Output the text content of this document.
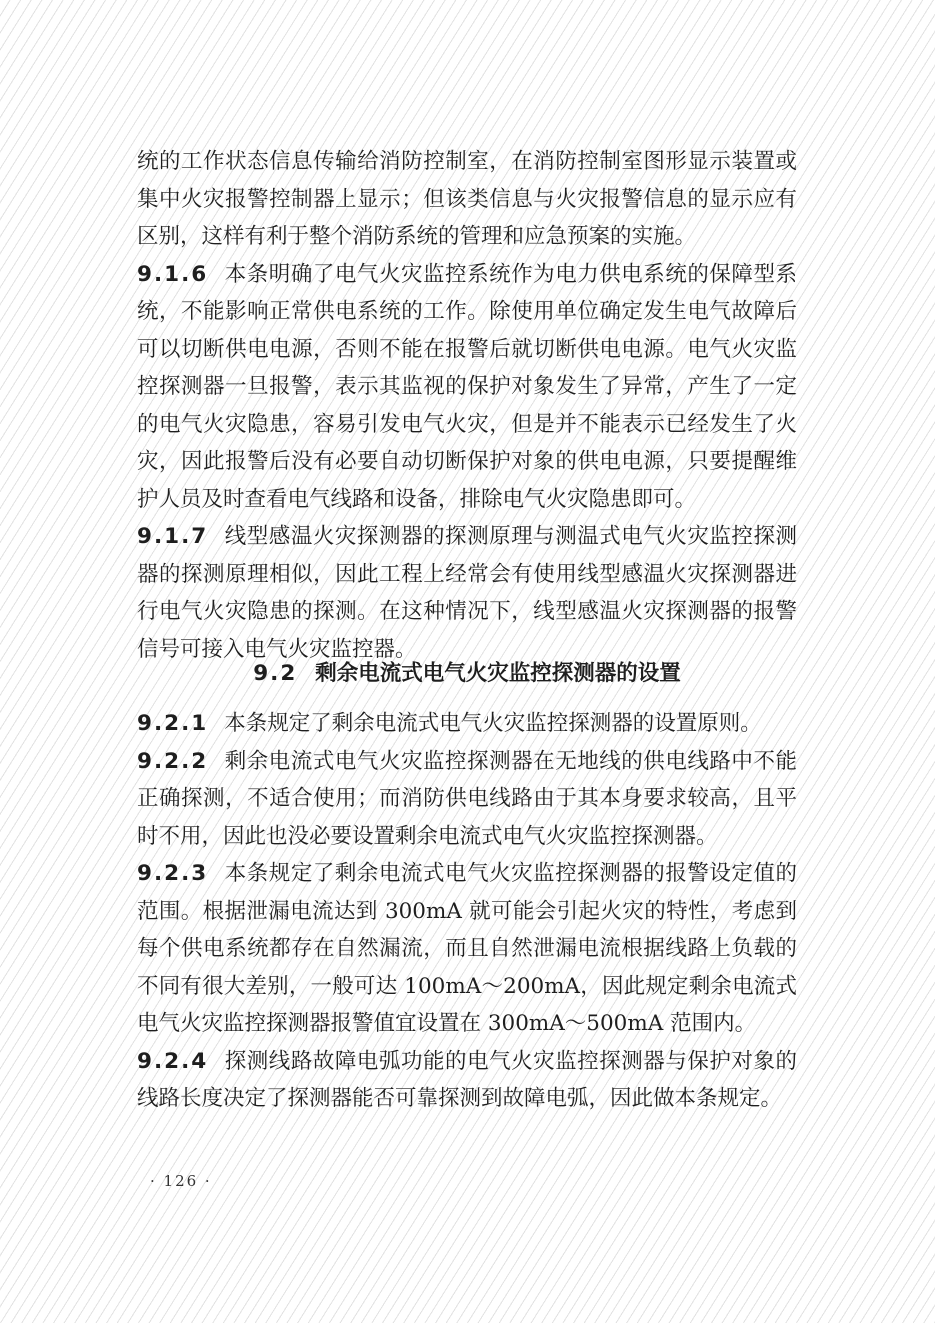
统的工作状态信息传输给消防控制室，在消防控制室图形显示装置或集中火灾报警控制器上显示；但该类信息与火灾报警信息的显示应有区别，这样有利于整个消防系统的管理和应急预案的实施。

9.1.6 本条明确了电气火灾监控系统作为电力供电系统的保障型系统，不能影响正常供电系统的工作。除使用单位确定发生电气故障后可以切断供电电源，否则不能在报警后就切断供电电源。电气火灾监控探测器一旦报警，表示其监视的保护对象发生了异常，产生了一定的电气火灾隐患，容易引发电气火灾，但是并不能表示已经发生了火灾，因此报警后没有必要自动切断保护对象的供电电源，只要提醒维护人员及时查看电气线路和设备，排除电气火灾隐患即可。

9.1.7 线型感温火灾探测器的探测原理与测温式电气火灾监控探测器的探测原理相似，因此工程上经常会有使用线型感温火灾探测器进行电气火灾隐患的探测。在这种情况下，线型感温火灾探测器的报警信号可接入电气火灾监控器。

9.2 剩余电流式电气火灾监控探测器的设置

9.2.1 本条规定了剩余电流式电气火灾监控探测器的设置原则。

9.2.2 剩余电流式电气火灾监控探测器在无地线的供电线路中不能正确探测，不适合使用；而消防供电线路由于其本身要求较高，且平时不用，因此也没必要设置剩余电流式电气火灾监控探测器。

9.2.3 本条规定了剩余电流式电气火灾监控探测器的报警设定值的范围。根据泄漏电流达到 300mA 就可能会引起火灾的特性，考虑到每个供电系统都存在自然漏流，而且自然泄漏电流根据线路上负载的不同有很大差别，一般可达 100mA～200mA，因此规定剩余电流式电气火灾监控探测器报警值宜设置在 300mA～500mA 范围内。

9.2.4 探测线路故障电弧功能的电气火灾监控探测器与保护对象的线路长度决定了探测器能否可靠探测到故障电弧，因此做本条规定。

· 126 ·
